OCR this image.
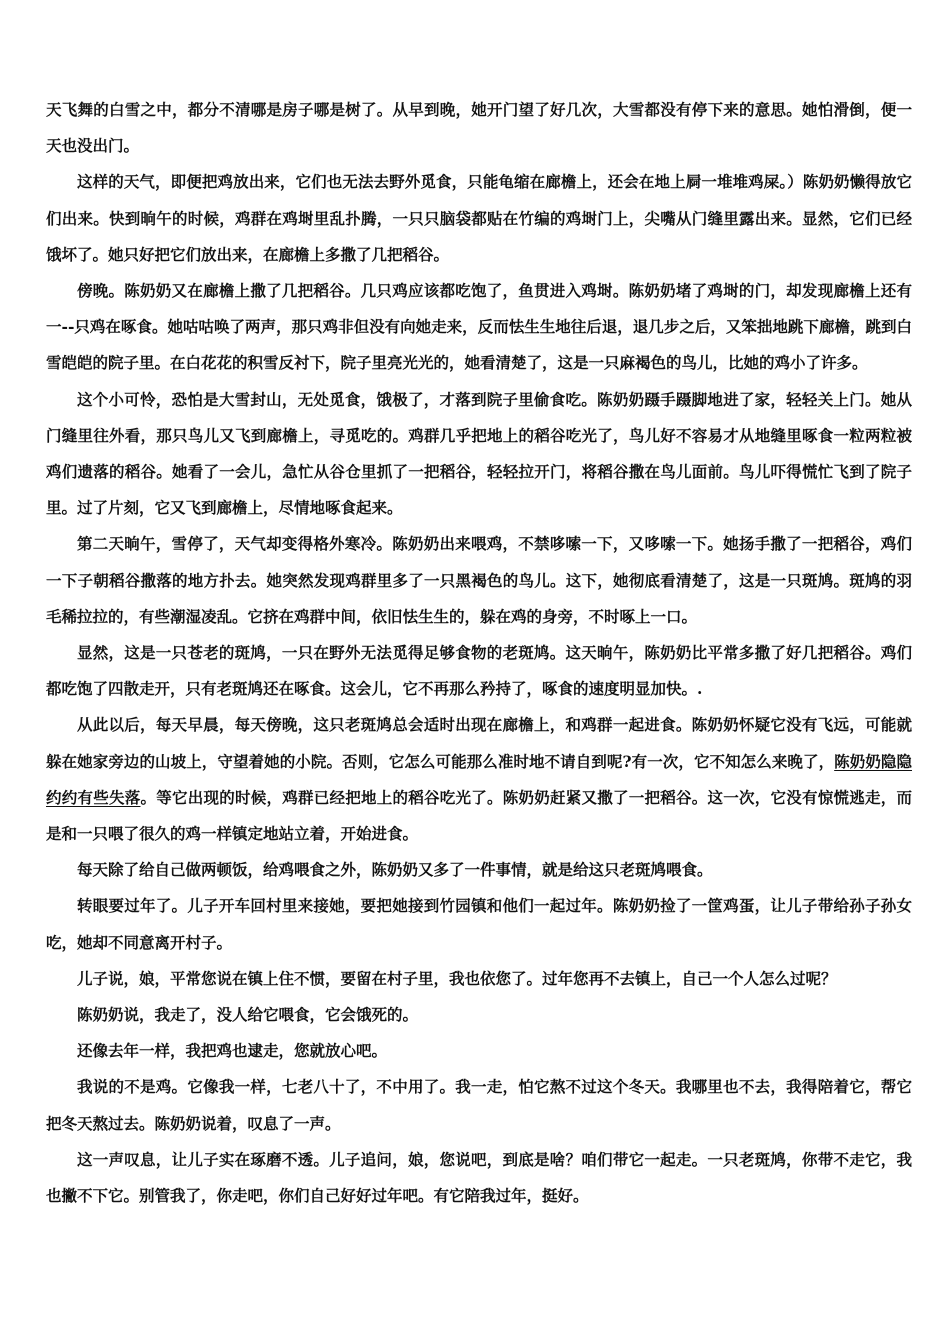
天飞舞的白雪之中，都分不清哪是房子哪是树了。从早到晚，她开门望了好几次，大雪都没有停下来的意思。她怕滑倒，便一天也没出门。

这样的天气，即便把鸡放出来，它们也无法去野外觅食，只能龟缩在廊檐上，还会在地上屙一堆堆鸡屎。）陈奶奶懒得放它们出来。快到晌午的时候，鸡群在鸡埘里乱扑腾，一只只脑袋都贴在竹编的鸡埘门上，尖嘴从门缝里露出来。显然，它们已经饿坏了。她只好把它们放出来，在廊檐上多撒了几把稻谷。

傍晚。陈奶奶又在廊檐上撒了几把稻谷。几只鸡应该都吃饱了，鱼贯进入鸡埘。陈奶奶堵了鸡埘的门，却发现廊檐上还有一--只鸡在啄食。她咕咕唤了两声，那只鸡非但没有向她走来，反而怯生生地往后退，退几步之后，又笨拙地跳下廊檐，跳到白雪皑皑的院子里。在白花花的积雪反衬下，院子里亮光光的，她看清楚了，这是一只麻褐色的鸟儿，比她的鸡小了许多。

这个小可怜，恐怕是大雪封山，无处觅食，饿极了，才落到院子里偷食吃。陈奶奶蹑手蹑脚地进了家，轻轻关上门。她从门缝里往外看，那只鸟儿又飞到廊檐上，寻觅吃的。鸡群几乎把地上的稻谷吃光了，鸟儿好不容易才从地缝里啄食一粒两粒被鸡们遗落的稻谷。她看了一会儿，急忙从谷仓里抓了一把稻谷，轻轻拉开门，将稻谷撒在鸟儿面前。鸟儿吓得慌忙飞到了院子里。过了片刻，它又飞到廊檐上，尽情地啄食起来。

第二天晌午，雪停了，天气却变得格外寒冷。陈奶奶出来喂鸡，不禁哆嗦一下，又哆嗦一下。她扬手撒了一把稻谷，鸡们一下子朝稻谷撒落的地方扑去。她突然发现鸡群里多了一只黑褐色的鸟儿。这下，她彻底看清楚了，这是一只斑鸠。斑鸠的羽毛稀拉拉的，有些潮湿凌乱。它挤在鸡群中间，依旧怯生生的，躲在鸡的身旁，不时啄上一口。

显然，这是一只苍老的斑鸠，一只在野外无法觅得足够食物的老斑鸠。这天晌午，陈奶奶比平常多撒了好几把稻谷。鸡们都吃饱了四散走开，只有老斑鸠还在啄食。这会儿，它不再那么矜持了，啄食的速度明显加快。.

从此以后，每天早晨，每天傍晚，这只老斑鸠总会适时出现在廊檐上，和鸡群一起进食。陈奶奶怀疑它没有飞远，可能就躲在她家旁边的山坡上，守望着她的小院。否则，它怎么可能那么准时地不请自到呢?有一次，它不知怎么来晚了，陈奶奶隐隐约约有些失落。等它出现的时候，鸡群已经把地上的稻谷吃光了。陈奶奶赶紧又撒了一把稻谷。这一次，它没有惊慌逃走，而是和一只喂了很久的鸡一样镇定地站立着，开始进食。

每天除了给自己做两顿饭，给鸡喂食之外，陈奶奶又多了一件事情，就是给这只老斑鸠喂食。

转眼要过年了。儿子开车回村里来接她，要把她接到竹园镇和他们一起过年。陈奶奶捡了一筐鸡蛋，让儿子带给孙子孙女吃，她却不同意离开村子。

儿子说，娘，平常您说在镇上住不惯，要留在村子里，我也依您了。过年您再不去镇上，自己一个人怎么过呢？

陈奶奶说，我走了，没人给它喂食，它会饿死的。

还像去年一样，我把鸡也逮走，您就放心吧。

我说的不是鸡。它像我一样，七老八十了，不中用了。我一走，怕它熬不过这个冬天。我哪里也不去，我得陪着它，帮它把冬天熬过去。陈奶奶说着，叹息了一声。

这一声叹息，让儿子实在琢磨不透。儿子追问，娘，您说吧，到底是啥？咱们带它一起走。一只老斑鸠，你带不走它，我也撇不下它。别管我了，你走吧，你们自己好好过年吧。有它陪我过年，挺好。
